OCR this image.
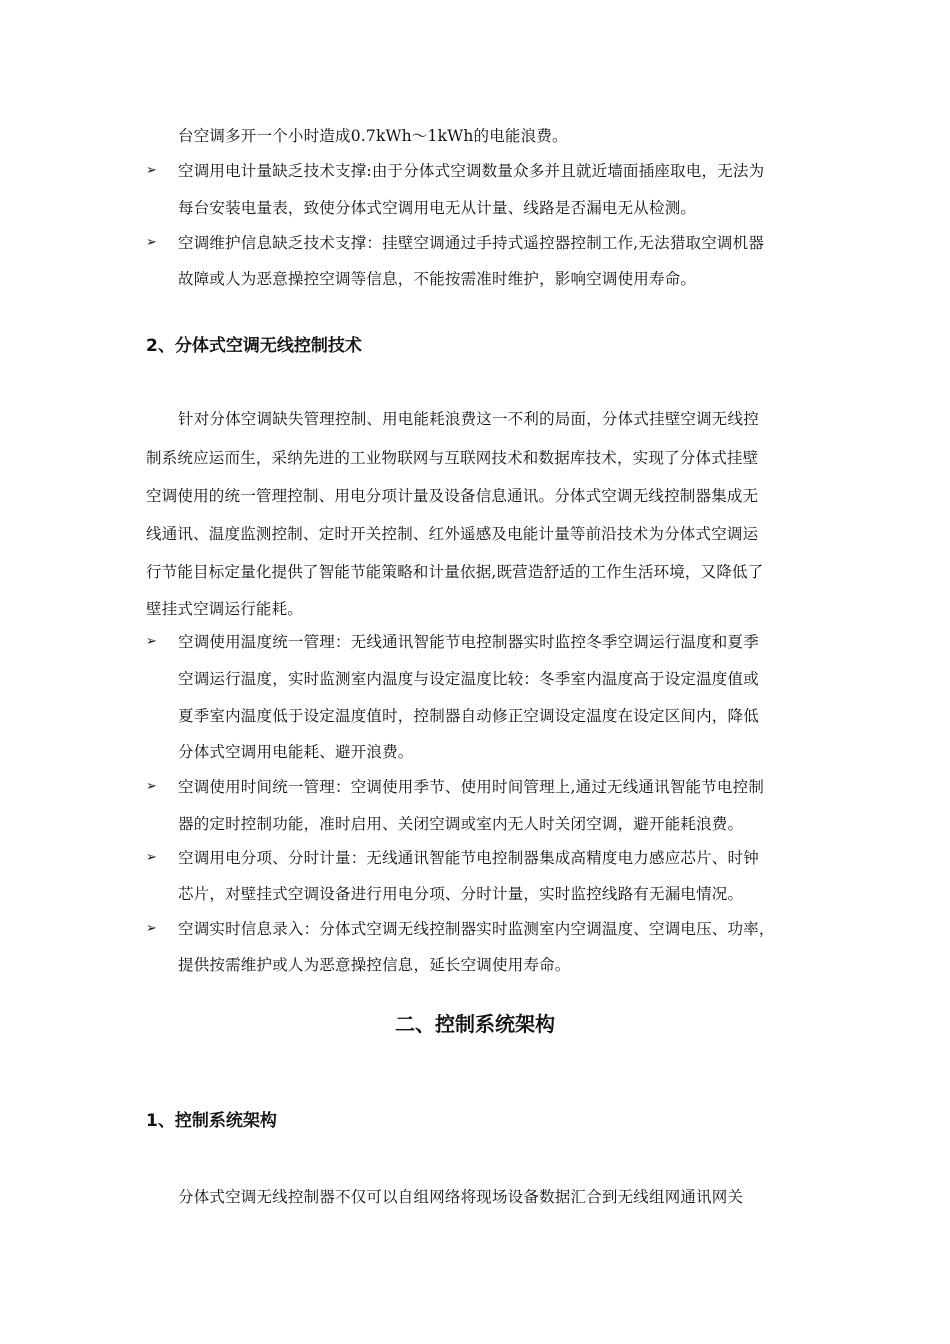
台空调多开一个小时造成0.7kWh～1kWh的电能浪费。
➢ 空调用电计量缺乏技术支撑:由于分体式空调数量众多并且就近墙面插座取电，无法为
每台安装电量表，致使分体式空调用电无从计量、线路是否漏电无从检测。
➢ 空调维护信息缺乏技术支撑：挂壁空调通过手持式遥控器控制工作,无法猎取空调机器
故障或人为恶意操控空调等信息，不能按需准时维护，影响空调使用寿命。
2、分体式空调无线控制技术
针对分体空调缺失管理控制、用电能耗浪费这一不利的局面，分体式挂壁空调无线控
制系统应运而生，采纳先进的工业物联网与互联网技术和数据库技术，实现了分体式挂壁
空调使用的统一管理控制、用电分项计量及设备信息通讯。分体式空调无线控制器集成无
线通讯、温度监测控制、定时开关控制、红外遥感及电能计量等前沿技术为分体式空调运
行节能目标定量化提供了智能节能策略和计量依据,既营造舒适的工作生活环境，又降低了
壁挂式空调运行能耗。
➢ 空调使用温度统一管理：无线通讯智能节电控制器实时监控冬季空调运行温度和夏季
空调运行温度，实时监测室内温度与设定温度比较：冬季室内温度高于设定温度值或
夏季室内温度低于设定温度值时，控制器自动修正空调设定温度在设定区间内，降低
分体式空调用电能耗、避开浪费。
➢ 空调使用时间统一管理：空调使用季节、使用时间管理上,通过无线通讯智能节电控制
器的定时控制功能，准时启用、关闭空调或室内无人时关闭空调，避开能耗浪费。
➢ 空调用电分项、分时计量：无线通讯智能节电控制器集成高精度电力感应芯片、时钟
芯片，对壁挂式空调设备进行用电分项、分时计量，实时监控线路有无漏电情况。
➢ 空调实时信息录入：分体式空调无线控制器实时监测室内空调温度、空调电压、功率，
提供按需维护或人为恶意操控信息，延长空调使用寿命。
二、控制系统架构
1、控制系统架构
分体式空调无线控制器不仅可以自组网络将现场设备数据汇合到无线组网通讯网关
